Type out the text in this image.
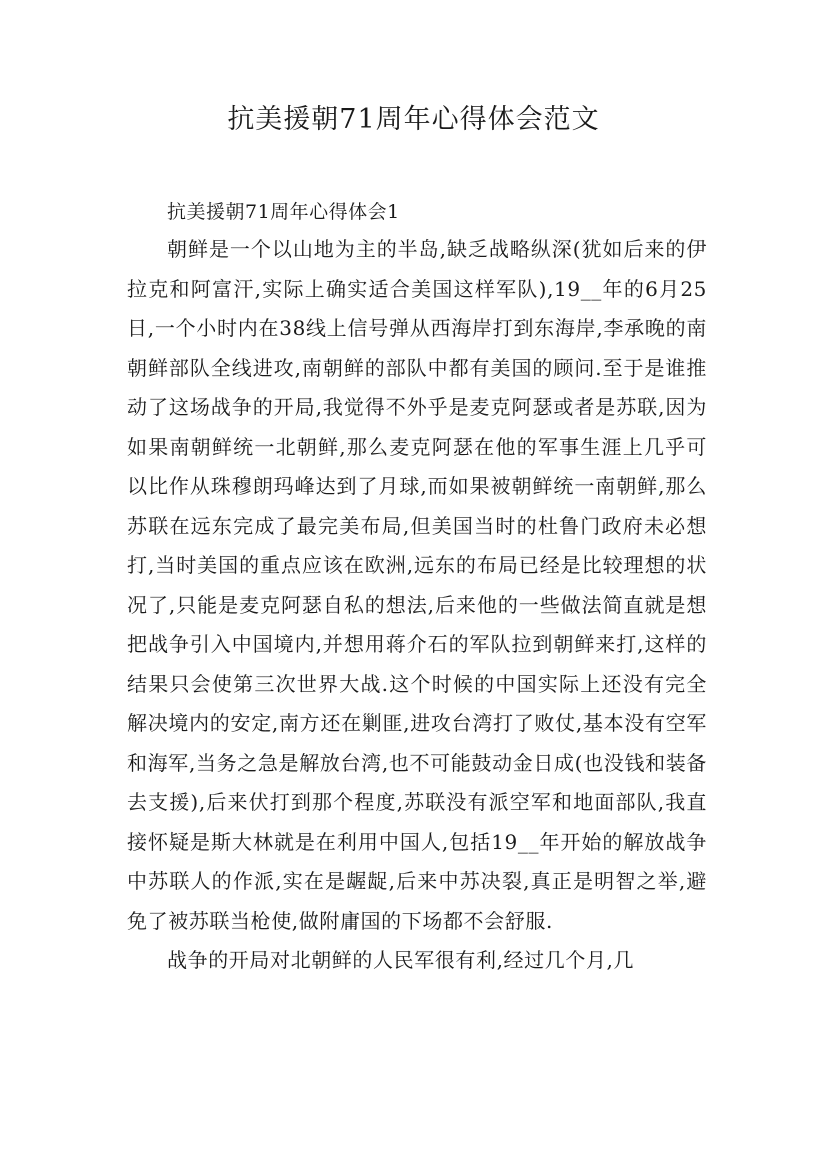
抗美援朝71周年心得体会范文

抗美援朝71周年心得体会1

朝鲜是一个以山地为主的半岛,缺乏战略纵深(犹如后来的伊拉克和阿富汗,实际上确实适合美国这样军队),19__年的6月25日,一个小时内在38线上信号弹从西海岸打到东海岸,李承晚的南朝鲜部队全线进攻,南朝鲜的部队中都有美国的顾问.至于是谁推动了这场战争的开局,我觉得不外乎是麦克阿瑟或者是苏联,因为如果南朝鲜统一北朝鲜,那么麦克阿瑟在他的军事生涯上几乎可以比作从珠穆朗玛峰达到了月球,而如果被朝鲜统一南朝鲜,那么苏联在远东完成了最完美布局,但美国当时的杜鲁门政府未必想打,当时美国的重点应该在欧洲,远东的布局已经是比较理想的状况了,只能是麦克阿瑟自私的想法,后来他的一些做法简直就是想把战争引入中国境内,并想用蒋介石的军队拉到朝鲜来打,这样的结果只会使第三次世界大战.这个时候的中国实际上还没有完全解决境内的安定,南方还在剿匪,进攻台湾打了败仗,基本没有空军和海军,当务之急是解放台湾,也不可能鼓动金日成(也没钱和装备去支援),后来伏打到那个程度,苏联没有派空军和地面部队,我直接怀疑是斯大林就是在利用中国人,包括19__年开始的解放战争中苏联人的作派,实在是龌龊,后来中苏决裂,真正是明智之举,避免了被苏联当枪使,做附庸国的下场都不会舒服.

战争的开局对北朝鲜的人民军很有利,经过几个月,几
